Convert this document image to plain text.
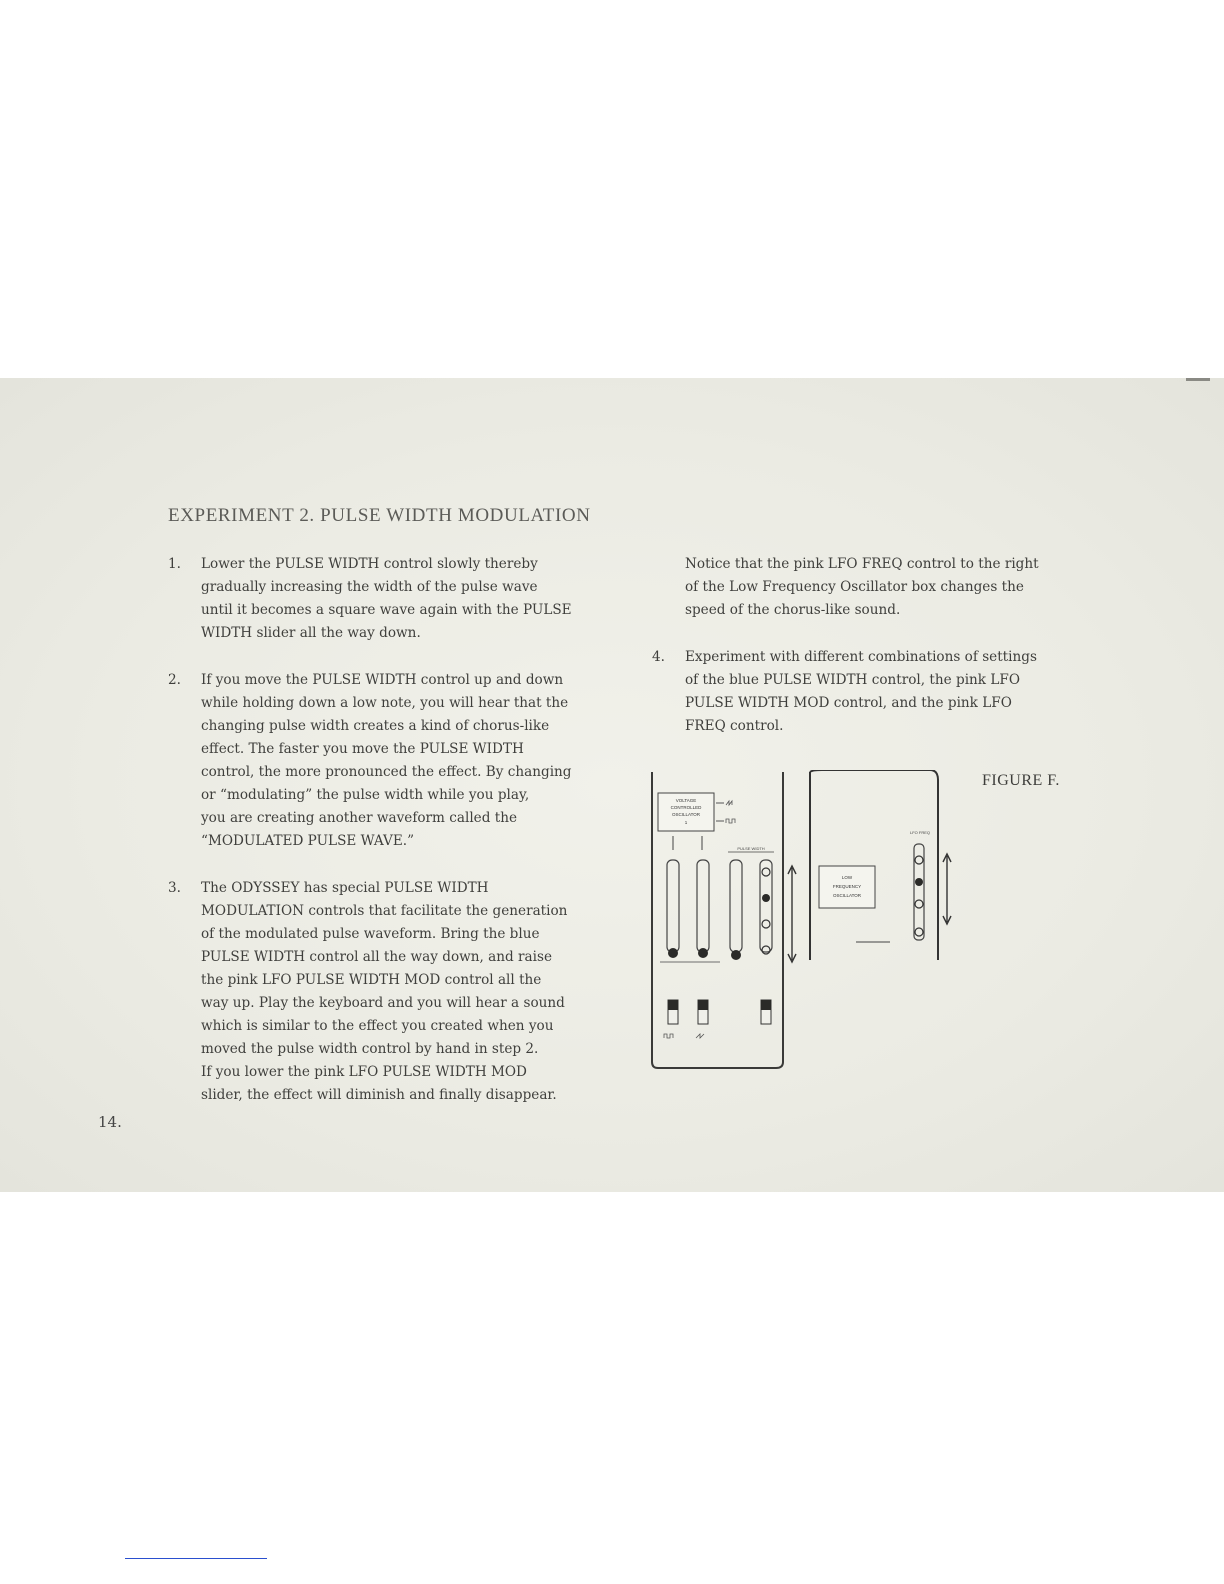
EXPERIMENT 2. PULSE WIDTH MODULATION
1. Lower the PULSE WIDTH control slowly thereby
gradually increasing the width of the pulse wave
until it becomes a square wave again with the PULSE
WIDTH slider all the way down.
2. If you move the PULSE WIDTH control up and down
while holding down a low note, you will hear that the
changing pulse width creates a kind of chorus-like
effect. The faster you move the PULSE WIDTH
control, the more pronounced the effect. By changing
or “modulating” the pulse width while you play,
you are creating another waveform called the
“MODULATED PULSE WAVE.”
3. The ODYSSEY has special PULSE WIDTH
MODULATION controls that facilitate the generation
of the modulated pulse waveform. Bring the blue
PULSE WIDTH control all the way down, and raise
the pink LFO PULSE WIDTH MOD control all the
way up. Play the keyboard and you will hear a sound
which is similar to the effect you created when you
moved the pulse width control by hand in step 2.
If you lower the pink LFO PULSE WIDTH MOD
slider, the effect will diminish and finally disappear.
Notice that the pink LFO FREQ control to the right
of the Low Frequency Oscillator box changes the
speed of the chorus-like sound.
4. Experiment with different combinations of settings
of the blue PULSE WIDTH control, the pink LFO
PULSE WIDTH MOD control, and the pink LFO
FREQ control.
FIGURE F.
VOLTAGE
CONTROLLED
OSCILLATOR
1
PULSE WIDTH
LOW
FREQUENCY
OSCILLATOR
LFO FREQ
14.
